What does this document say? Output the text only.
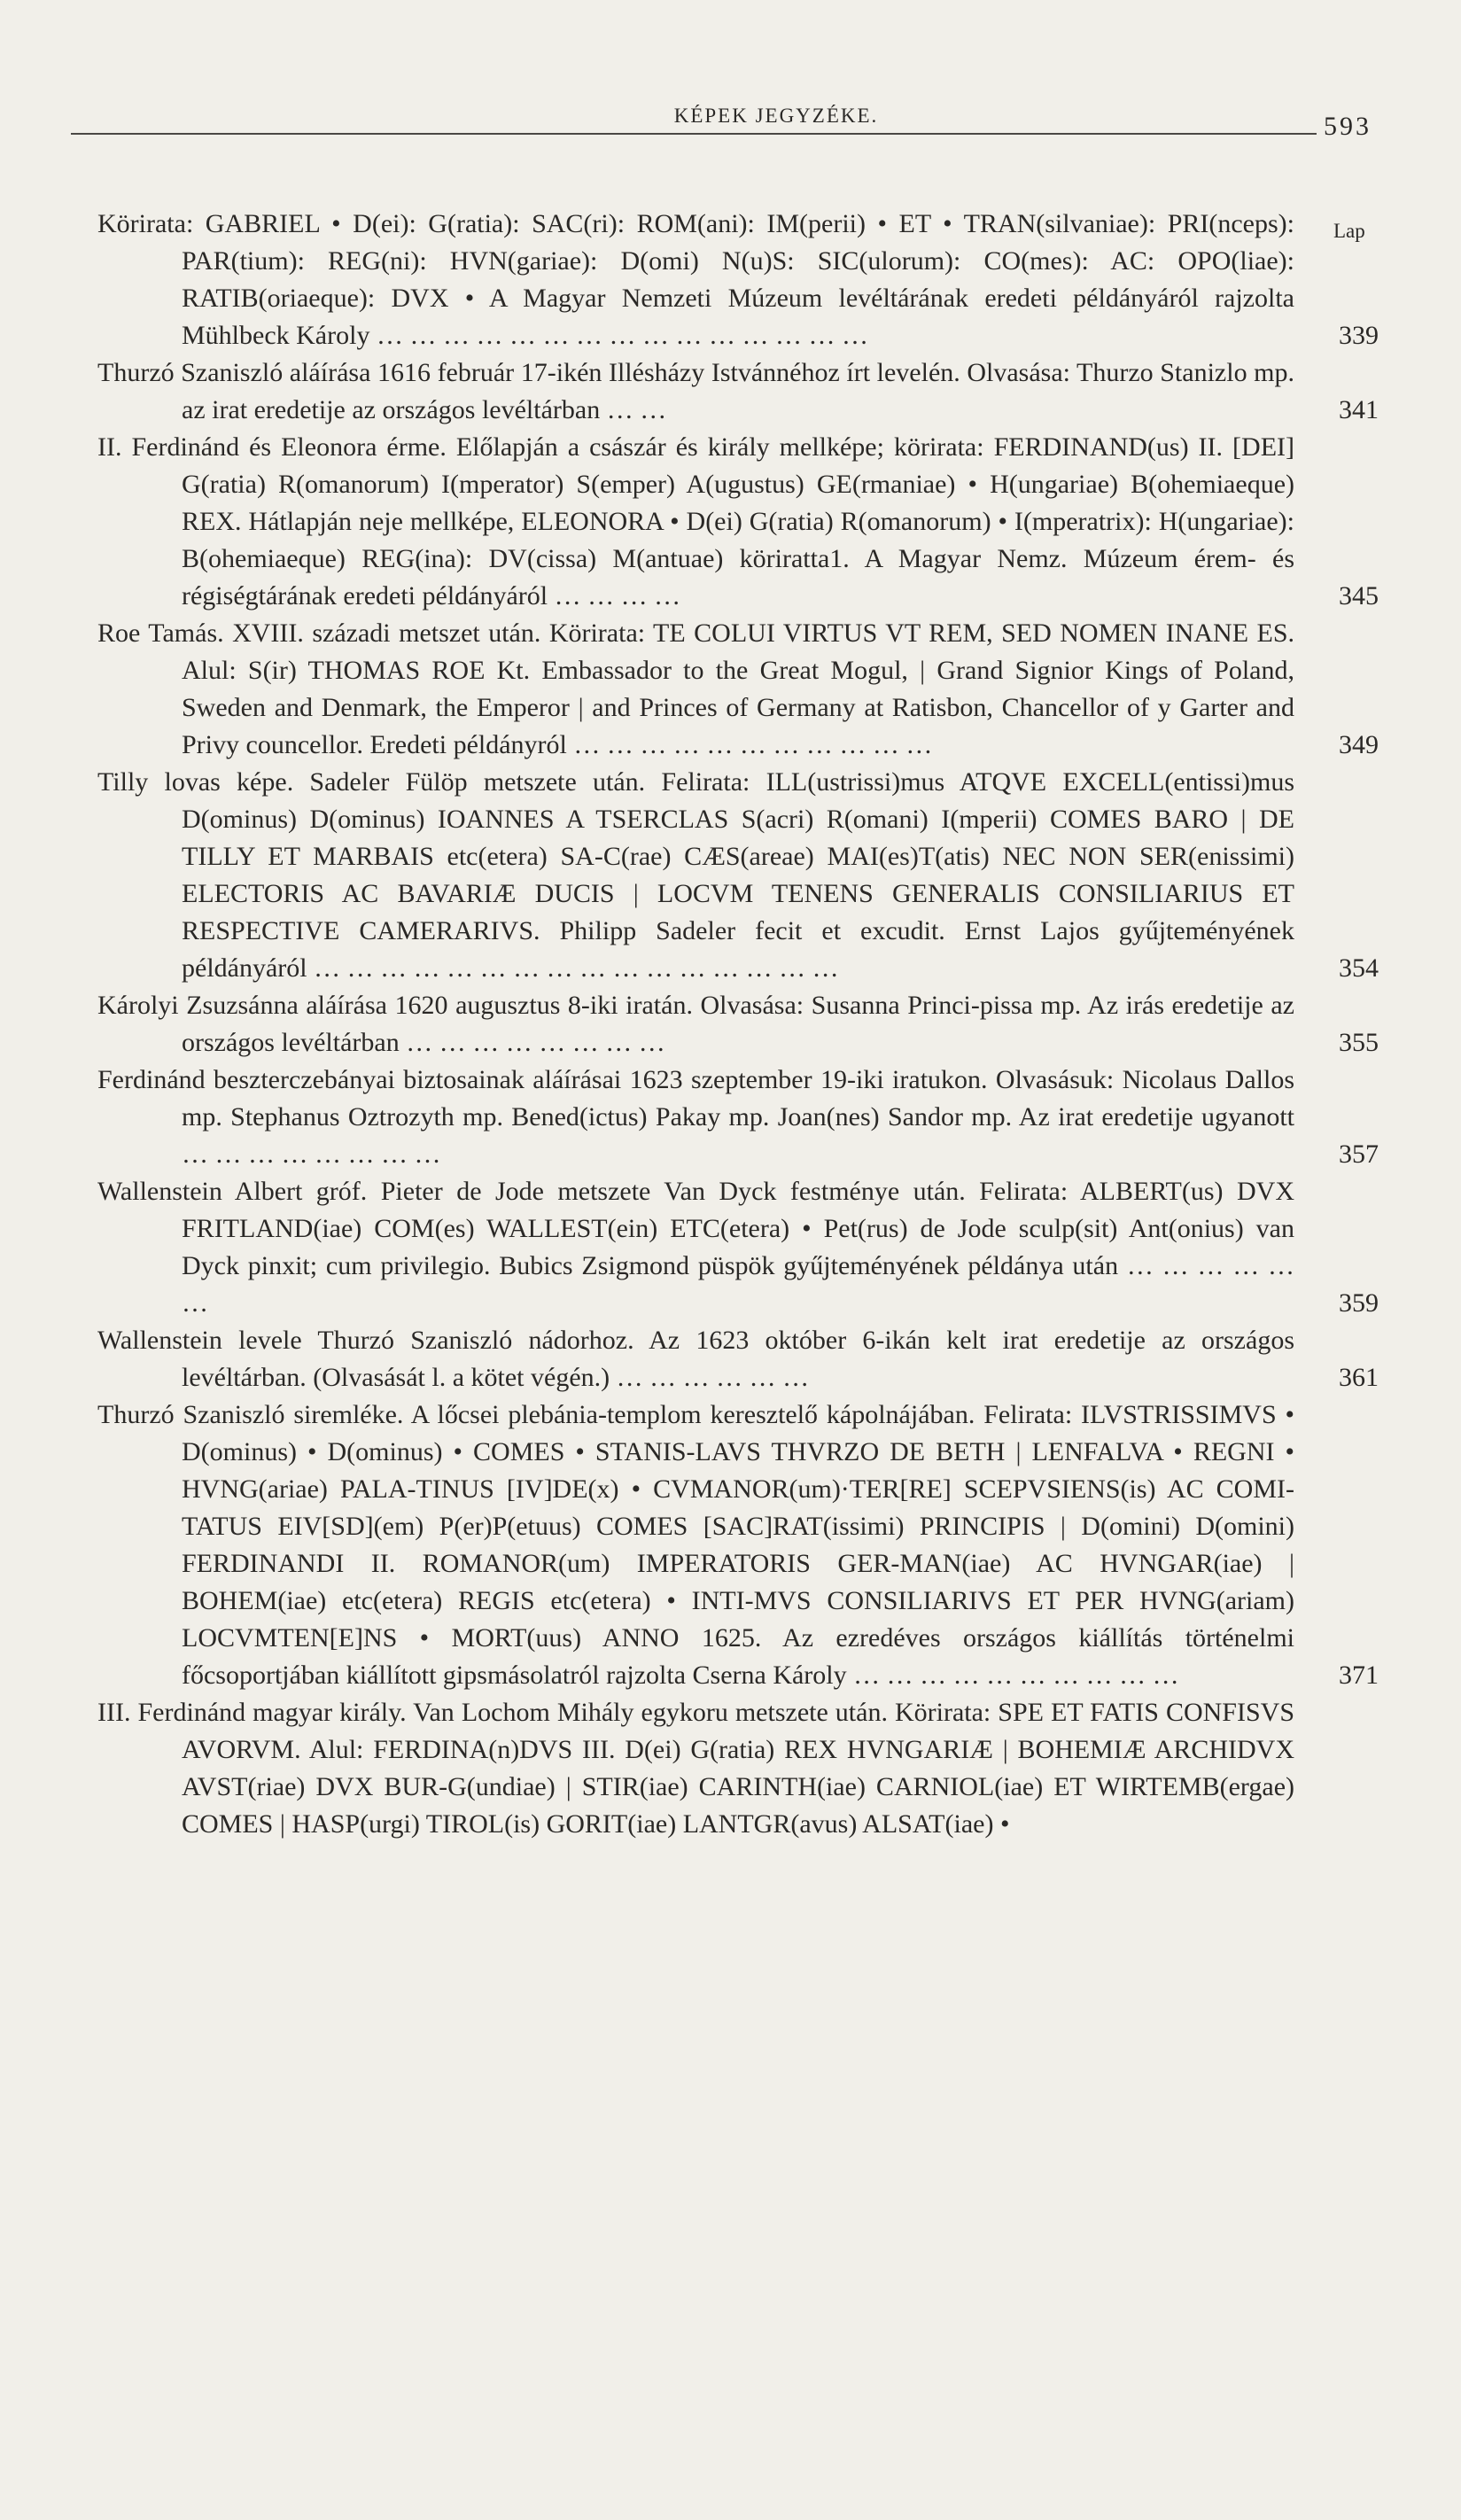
KÉPEK JEGYZÉKE.	593
Lap

Körirata: GABRIEL • D(ei): G(ratia): SAC(ri): ROM(ani): IM(perii) • ET • TRAN(silvaniae): PRI(nceps): PAR(tium): REG(ni): HVN(gariae): D(omi) N(u)S: SIC(ulorum): CO(mes): AC: OPO(liae): RATIB(oriaeque): DVX • A Magyar Nemzeti Múzeum levéltárának eredeti példányáról rajzolta Mühlbeck Károly … … … … … … … … … … … … … … …	339

Thurzó Szaniszló aláírása 1616 február 17-ikén Illésházy Istvánnéhoz írt levelén. Olvasása: Thurzo Stanizlo mp. az irat eredetije az országos levéltárban … …	341

II. Ferdinánd és Eleonora érme. Előlapján a császár és király mellképe; körirata: FERDINAND(us) II. [DEI] G(ratia) R(omanorum) I(mperator) S(emper) A(ugustus) GE(rmaniae) • H(ungariae) B(ohemiaeque) REX. Hátlapján neje mellképe, ELEONORA • D(ei) G(ratia) R(omanorum) • I(mperatrix): H(ungariae): B(ohemiaeque) REG(ina): DV(cissa) M(antuae) köriratta1. A Magyar Nemz. Múzeum érem- és régiségtárának eredeti példányáról … … … …	345

Roe Tamás. XVIII. századi metszet után. Körirata: TE COLUI VIRTUS VT REM, SED NOMEN INANE ES. Alul: S(ir) THOMAS ROE Kt. Embassador to the Great Mogul, | Grand Signior Kings of Poland, Sweden and Denmark, the Emperor | and Princes of Germany at Ratisbon, Chancellor of y Garter and Privy councellor. Eredeti példányról … … … … … … … … … … …	349

Tilly lovas képe. Sadeler Fülöp metszete után. Felirata: ILL(ustrissi)mus ATQVE EXCELL(entissi)mus D(ominus) D(ominus) IOANNES A TSERCLAS S(acri) R(omani) I(mperii) COMES BARO | DE TILLY ET MARBAIS etc(etera) SA-C(rae) CÆS(areae) MAI(es)T(atis) NEC NON SER(enissimi) ELECTORIS AC BAVARIÆ DUCIS | LOCVM TENENS GENERALIS CONSILIARIUS ET RESPECTIVE CAMERARIVS. Philipp Sadeler fecit et excudit. Ernst Lajos gyűjteményének példányáról … … … … … … … … … … … … … … … …	354

Károlyi Zsuzsánna aláírása 1620 augusztus 8-iki iratán. Olvasása: Susanna Princi-pissa mp. Az irás eredetije az országos levéltárban … … … … … … … …	355

Ferdinánd beszterczebányai biztosainak aláírásai 1623 szeptember 19-iki iratukon. Olvasásuk: Nicolaus Dallos mp. Stephanus Oztrozyth mp. Bened(ictus) Pakay mp. Joan(nes) Sandor mp. Az irat eredetije ugyanott … … … … … … … …	357

Wallenstein Albert gróf. Pieter de Jode metszete Van Dyck festménye után. Felirata: ALBERT(us) DVX FRITLAND(iae) COM(es) WALLEST(ein) ETC(etera) • Pet(rus) de Jode sculp(sit) Ant(onius) van Dyck pinxit; cum privilegio. Bubics Zsigmond püspök gyűjteményének példánya után … … … … … …	359

Wallenstein levele Thurzó Szaniszló nádorhoz. Az 1623 október 6-ikán kelt irat eredetije az országos levéltárban. (Olvasását l. a kötet végén.) … … … … … …	361

Thurzó Szaniszló siremléke. A lőcsei plebánia-templom keresztelő kápolnájában. Felirata: ILVSTRISSIMVS • D(ominus) • D(ominus) • COMES • STANIS-LAVS THVRZO DE BETH | LENFALVA • REGNI • HVNG(ariae) PALA-TINUS [IV]DE(x) • CVMANOR(um)·TER[RE] SCEPVSIENS(is) AC COMI-TATUS EIV[SD](em) P(er)P(etuus) COMES [SAC]RAT(issimi) PRINCIPIS | D(omini) D(omini) FERDINANDI II. ROMANOR(um) IMPERATORIS GER-MAN(iae) AC HVNGAR(iae) | BOHEM(iae) etc(etera) REGIS etc(etera) • INTI-MVS CONSILIARIVS ET PER HVNG(ariam) LOCVMTEN[E]NS • MORT(uus) ANNO 1625. Az ezredéves országos kiállítás történelmi főcsoportjában kiállított gipsmásolatról rajzolta Cserna Károly … … … … … … … … … …	371

III. Ferdinánd magyar király. Van Lochom Mihály egykoru metszete után. Körirata: SPE ET FATIS CONFISVS AVORVM. Alul: FERDINA(n)DVS III. D(ei) G(ratia) REX HVNGARIÆ | BOHEMIÆ ARCHIDVX AVST(riae) DVX BUR-G(undiae) | STIR(iae) CARINTH(iae) CARNIOL(iae) ET WIRTEMB(ergae) COMES | HASP(urgi) TIROL(is) GORIT(iae) LANTGR(avus) ALSAT(iae) •
